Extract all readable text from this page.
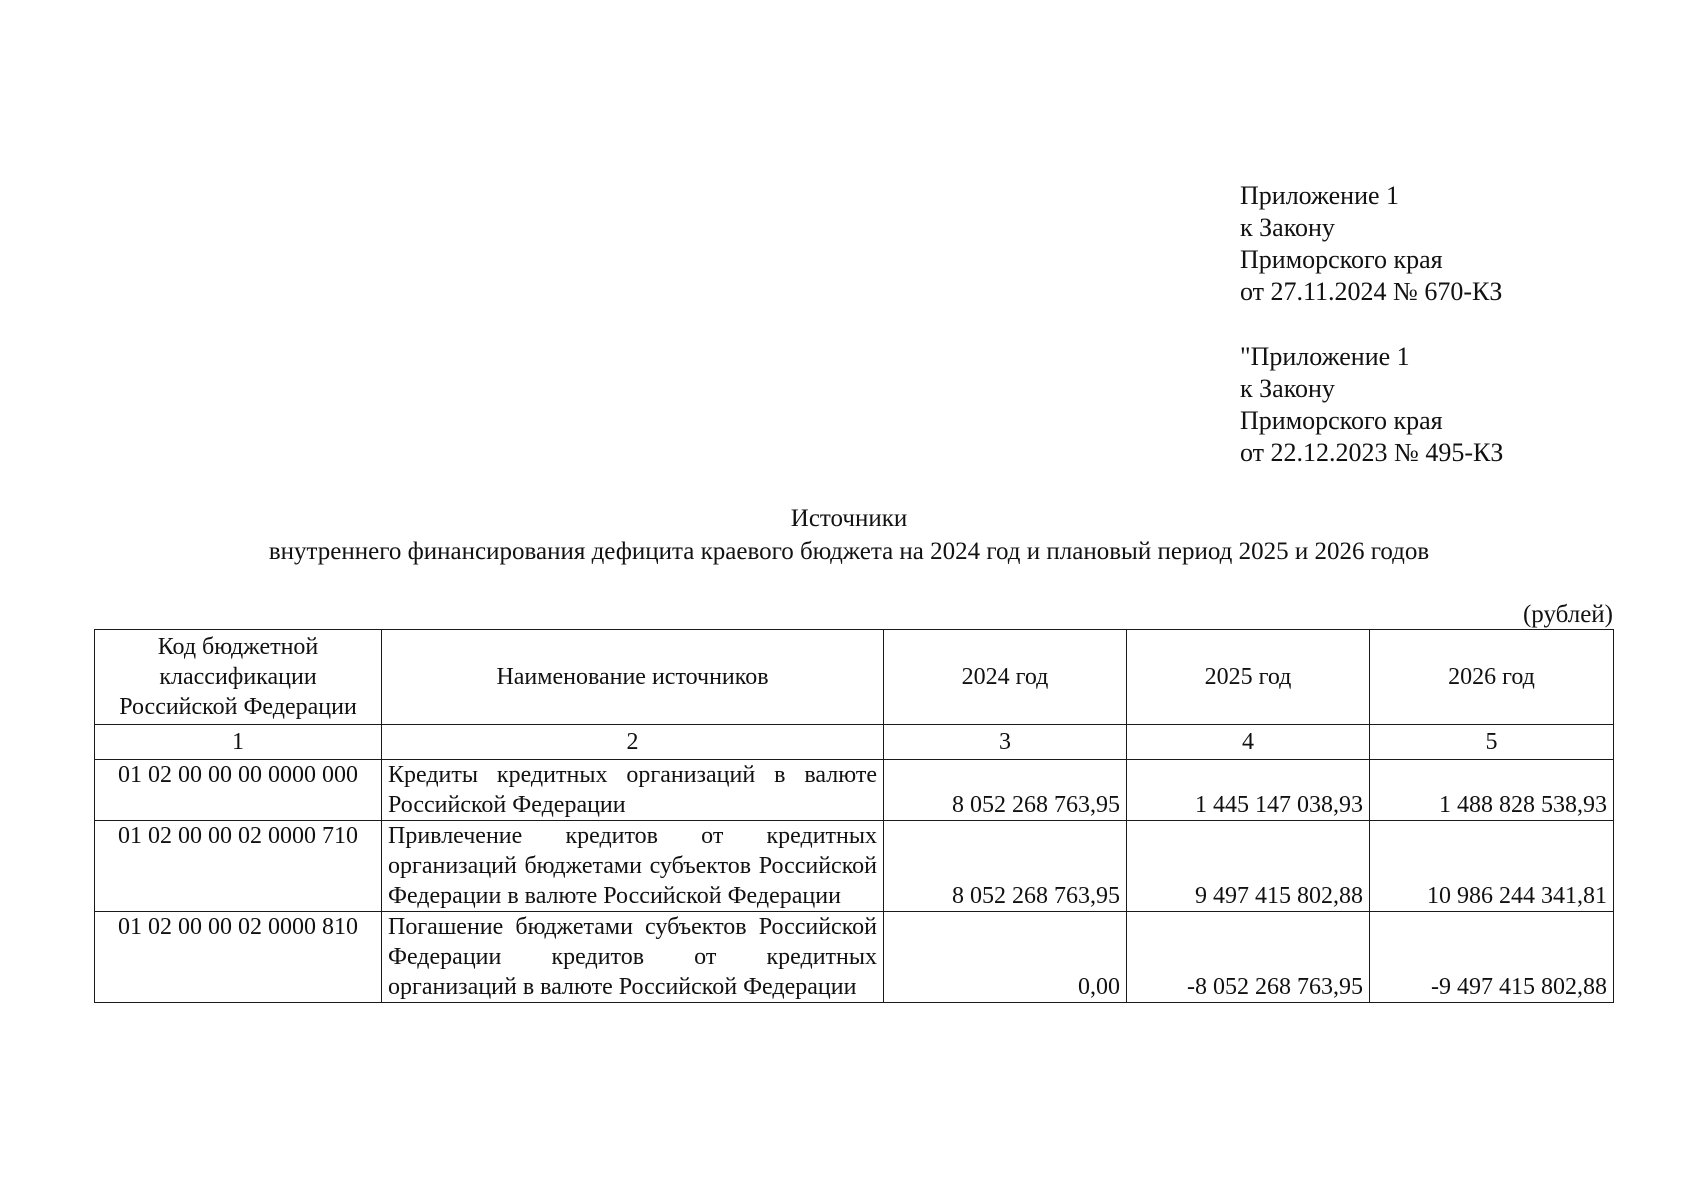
Приложение 1
к Закону
Приморского края
от 27.11.2024 № 670-КЗ
"Приложение 1
к Закону
Приморского края
от 22.12.2023 № 495-КЗ
Источники
внутреннего финансирования дефицита краевого бюджета на 2024 год и плановый период 2025 и 2026 годов
(рублей)
Код бюджетной классификации Российской Федерации	Наименование источников	2024 год	2025 год	2026 год
1	2	3	4	5
01 02 00 00 00 0000 000	Кредиты кредитных организаций в валюте Российской Федерации	8 052 268 763,95	1 445 147 038,93	1 488 828 538,93
01 02 00 00 02 0000 710	Привлечение кредитов от кредитных организаций бюджетами субъектов Российской Федерации в валюте Российской Федерации	8 052 268 763,95	9 497 415 802,88	10 986 244 341,81
01 02 00 00 02 0000 810	Погашение бюджетами субъектов Российской Федерации кредитов от кредитных организаций в валюте Российской Федерации	0,00	-8 052 268 763,95	-9 497 415 802,88
